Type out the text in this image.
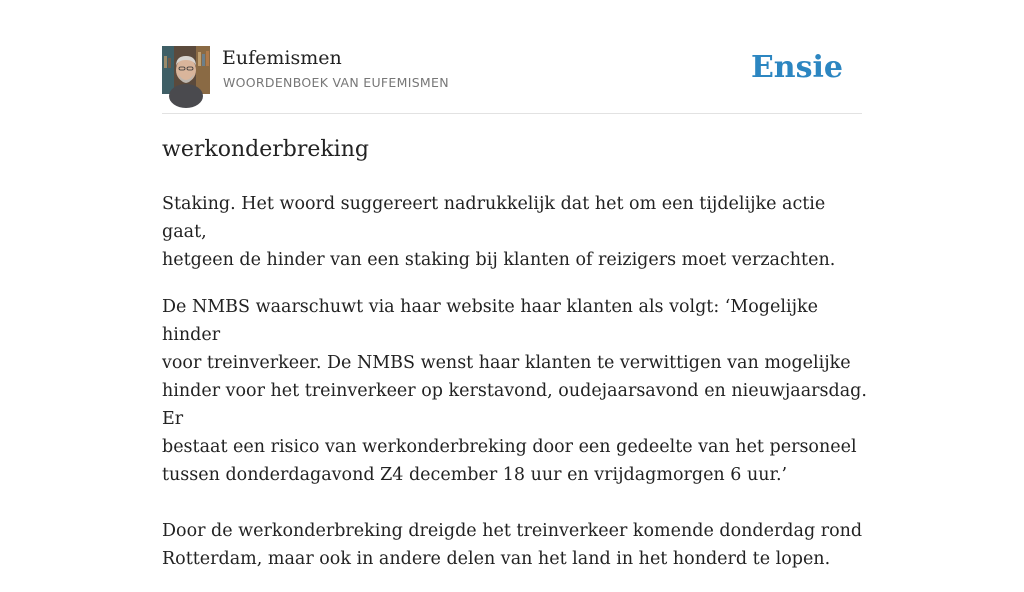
Eufemismen
WOORDENBOEK VAN EUFEMISMEN	Ensie
werkonderbreking

Staking. Het woord suggereert nadrukkelijk dat het om een tijdelijke actie gaat,
hetgeen de hinder van een staking bij klanten of reizigers moet verzachten.

De NMBS waarschuwt via haar website haar klanten als volgt: ‘Mogelijke hinder
voor treinverkeer. De NMBS wenst haar klanten te verwittigen van mogelijke
hinder voor het treinverkeer op kerstavond, oudejaarsavond en nieuwjaarsdag. Er
bestaat een risico van werkonderbreking door een gedeelte van het personeel
tussen donderdagavond Z4 december 18 uur en vrijdagmorgen 6 uur.’

Door de werkonderbreking dreigde het treinverkeer komende donderdag rond
Rotterdam, maar ook in andere delen van het land in het honderd te lopen.
